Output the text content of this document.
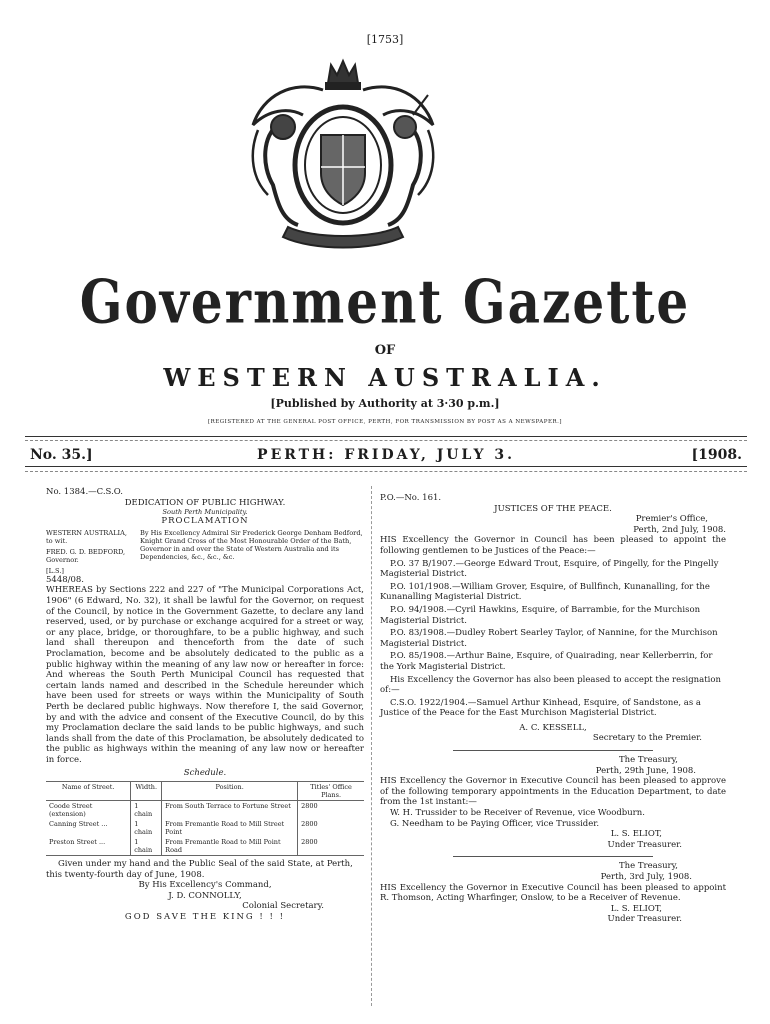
[1753]
Government Gazette
OF
WESTERN AUSTRALIA.
[Published by Authority at 3·30 p.m.]
[REGISTERED AT THE GENERAL POST OFFICE, PERTH, FOR TRANSMISSION BY POST AS A NEWSPAPER.]
No. 35.]	PERTH: FRIDAY, JULY 3.	[1908.

No. 1384.—C.S.O.

DEDICATION OF PUBLIC HIGHWAY.

South Perth Municipality.

PROCLAMATION

WESTERN AUSTRALIA, to wit.

FRED. G. D. BEDFORD, Governor.

[L.S.]

By His Excellency Admiral Sir Frederick George Denham Bedford, Knight Grand Cross of the Most Honourable Order of the Bath, Governor in and over the State of Western Australia and its Dependencies, &c., &c., &c.

5448/08.

WHEREAS by Sections 222 and 227 of "The Municipal Corporations Act, 1906" (6 Edward, No. 32), it shall be lawful for the Governor, on request of the Council, by notice in the Government Gazette, to declare any land reserved, used, or by purchase or exchange acquired for a street or way, or any place, bridge, or thoroughfare, to be a public highway, and such land shall thereupon and thenceforth from the date of such Proclamation, become and be absolutely dedicated to the public as a public highway within the meaning of any law now or hereafter in force: And whereas the South Perth Municipal Council has requested that certain lands named and described in the Schedule hereunder which have been used for streets or ways within the Municipality of South Perth be declared public highways. Now therefore I, the said Governor, by and with the advice and consent of the Executive Council, do by this my Proclamation declare the said lands to be public highways, and such lands shall from the date of this Proclamation, be absolutely dedicated to the public as highways within the meaning of any law now or hereafter in force.

Schedule.

Name of Street.	Width.	Position.	Titles' Office Plans.
Coode Street (extension)	1 chain	From South Terrace to Fortune Street	2800
Canning Street ...	1 chain	From Fremantle Road to Mill Street Point	2800
Preston Street ...	1 chain	From Fremantle Road to Mill Point Road	2800

Given under my hand and the Public Seal of the said State, at Perth, this twenty-fourth day of June, 1908.

By His Excellency's Command,

J. D. CONNOLLY,

Colonial Secretary.

GOD SAVE THE KING ! ! !

P.O.—No. 161.

JUSTICES OF THE PEACE.

Premier's Office,

Perth, 2nd July, 1908.

HIS Excellency the Governor in Council has been pleased to appoint the following gentlemen to be Justices of the Peace:—

P.O. 37 B/1907.—George Edward Trout, Esquire, of Pingelly, for the Pingelly Magisterial District.

P.O. 101/1908.—William Grover, Esquire, of Bullfinch, Kunanalling, for the Kunanalling Magisterial District.

P.O. 94/1908.—Cyril Hawkins, Esquire, of Barrambie, for the Murchison Magisterial District.

P.O. 83/1908.—Dudley Robert Searley Taylor, of Nannine, for the Murchison Magisterial District.

P.O. 85/1908.—Arthur Baine, Esquire, of Quairading, near Kellerberrin, for the York Magisterial District.

His Excellency the Governor has also been pleased to accept the resignation of:—

C.S.O. 1922/1904.—Samuel Arthur Kinhead, Esquire, of Sandstone, as a Justice of the Peace for the East Murchison Magisterial District.

A. C. KESSELL,

Secretary to the Premier.

The Treasury,

Perth, 29th June, 1908.

HIS Excellency the Governor in Executive Council has been pleased to approve of the following temporary appointments in the Education Department, to date from the 1st instant:—

W. H. Trussider to be Receiver of Revenue, vice Woodburn.

G. Needham to be Paying Officer, vice Trussider.

L. S. ELIOT,

Under Treasurer.

The Treasury,

Perth, 3rd July, 1908.

HIS Excellency the Governor in Executive Council has been pleased to appoint R. Thomson, Acting Wharfinger, Onslow, to be a Receiver of Revenue.

L. S. ELIOT,

Under Treasurer.
